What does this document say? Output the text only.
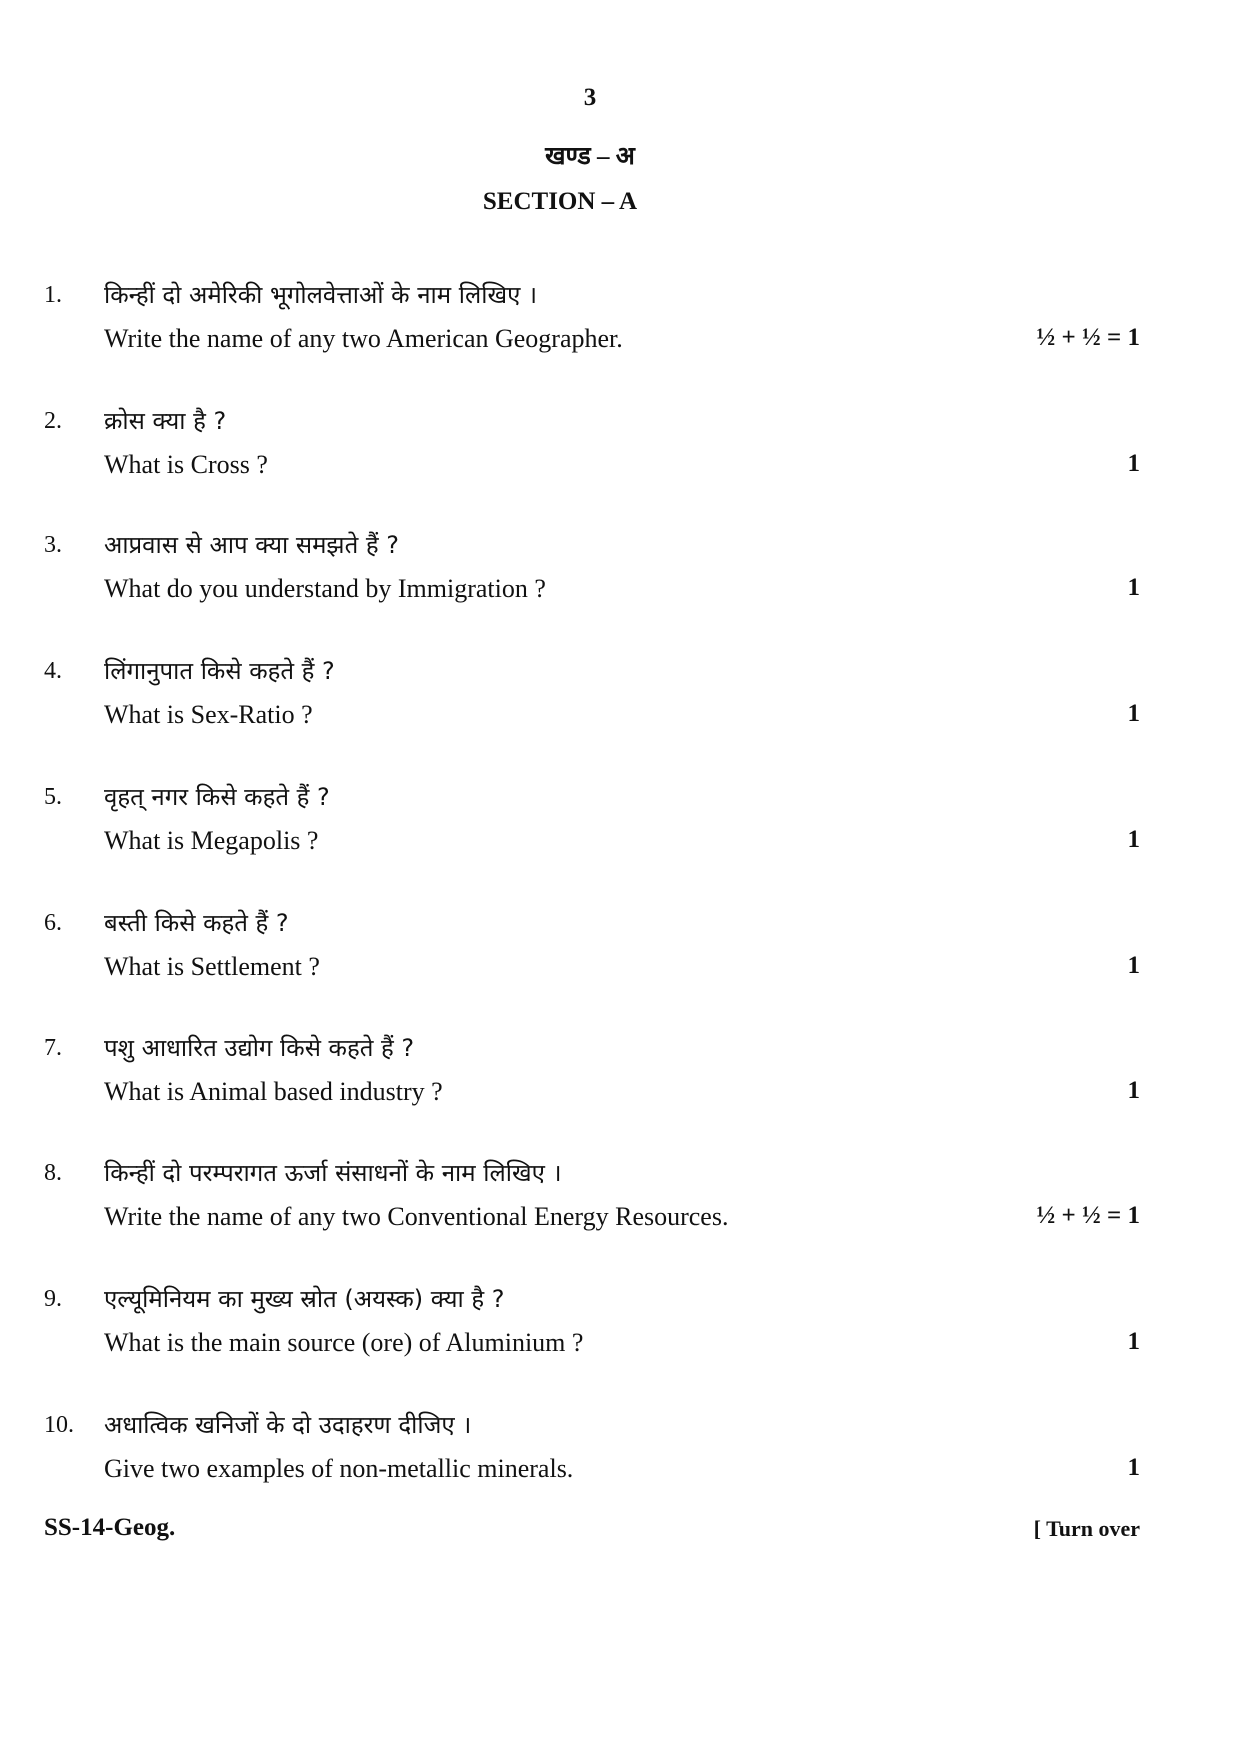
3
खण्ड – अ
SECTION – A
1. किन्हीं दो अमेरिकी भूगोलवेत्ताओं के नाम लिखिए ।
Write the name of any two American Geographer.	½ + ½ = 1
2. क्रोस क्या है ?
What is Cross ?	1
3. आप्रवास से आप क्या समझते हैं ?
What do you understand by Immigration ?	1
4. लिंगानुपात किसे कहते हैं ?
What is Sex-Ratio ?	1
5. वृहत् नगर किसे कहते हैं ?
What is Megapolis ?	1
6. बस्ती किसे कहते हैं ?
What is Settlement ?	1
7. पशु आधारित उद्योग किसे कहते हैं ?
What is Animal based industry ?	1
8. किन्हीं दो परम्परागत ऊर्जा संसाधनों के नाम लिखिए ।
Write the name of any two Conventional Energy Resources.	½ + ½ = 1
9. एल्यूमिनियम का मुख्य स्रोत (अयस्क) क्या है ?
What is the main source (ore) of Aluminium ?	1
10. अधात्विक खनिजों के दो उदाहरण दीजिए ।
Give two examples of non-metallic minerals.	1
SS-14-Geog.	[ Turn over
